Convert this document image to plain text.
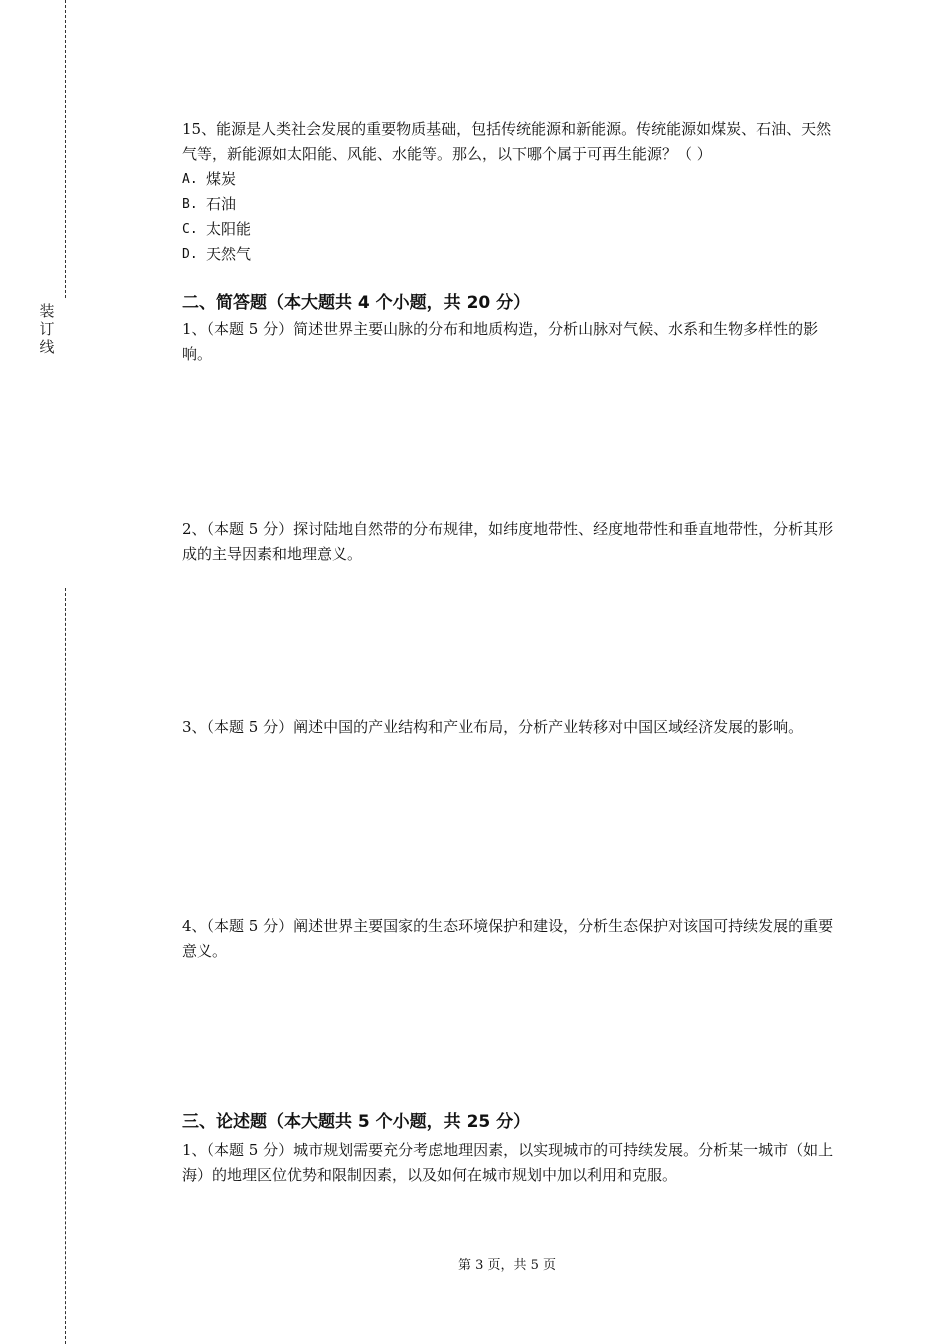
装
订
线

15、能源是人类社会发展的重要物质基础，包括传统能源和新能源。传统能源如煤炭、石油、天然气等，新能源如太阳能、风能、水能等。那么，以下哪个属于可再生能源？（ ）

A. 煤炭
B. 石油
C. 太阳能
D. 天然气
二、简答题（本大题共 4 个小题，共 20 分）

1、（本题 5 分）简述世界主要山脉的分布和地质构造，分析山脉对气候、水系和生物多样性的影响。

2、（本题 5 分）探讨陆地自然带的分布规律，如纬度地带性、经度地带性和垂直地带性，分析其形成的主导因素和地理意义。

3、（本题 5 分）阐述中国的产业结构和产业布局，分析产业转移对中国区域经济发展的影响。

4、（本题 5 分）阐述世界主要国家的生态环境保护和建设，分析生态保护对该国可持续发展的重要意义。

三、论述题（本大题共 5 个小题，共 25 分）

1、（本题 5 分）城市规划需要充分考虑地理因素，以实现城市的可持续发展。分析某一城市（如上海）的地理区位优势和限制因素，以及如何在城市规划中加以利用和克服。

第 3 页，共 5 页
